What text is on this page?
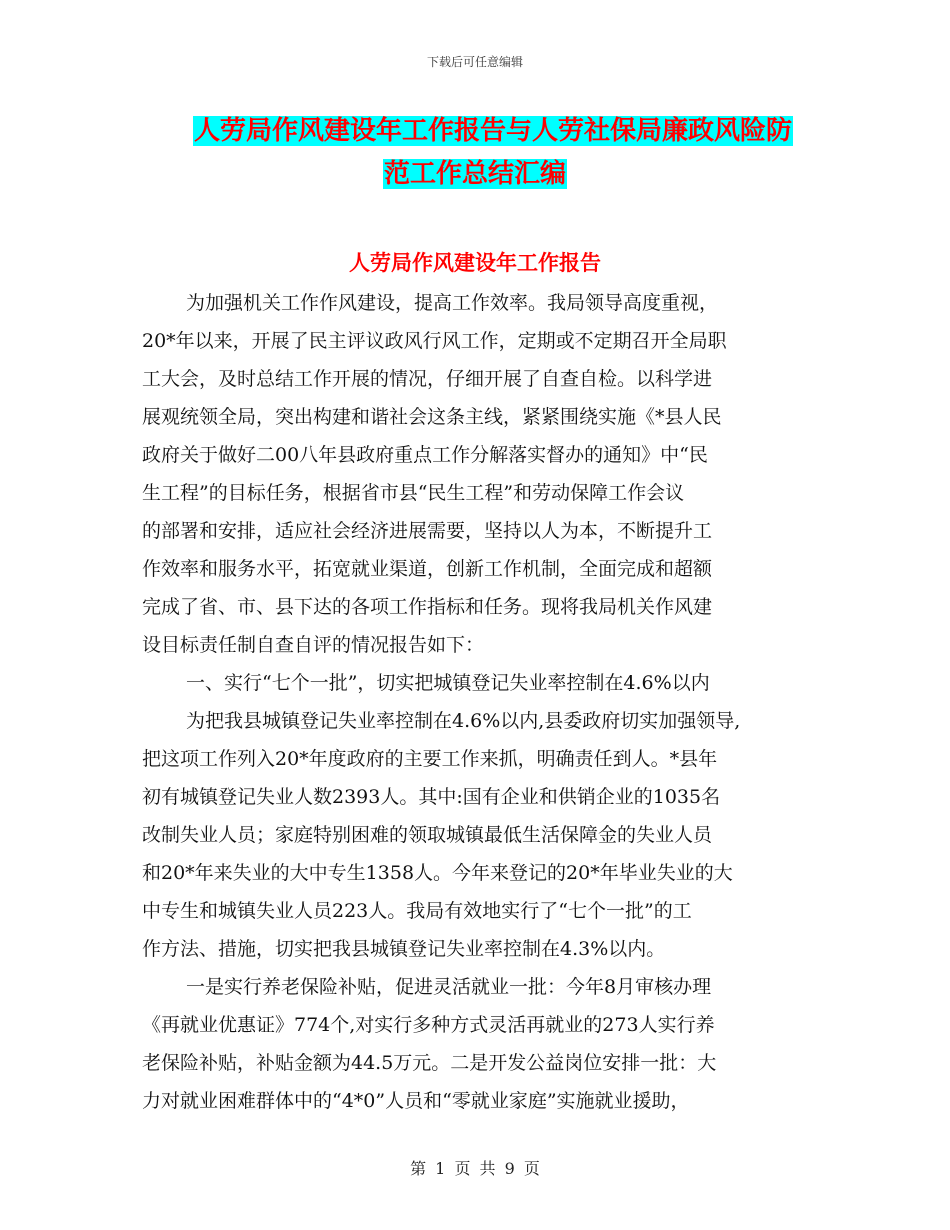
下载后可任意编辑
人劳局作风建设年工作报告与人劳社保局廉政风险防
范工作总结汇编
人劳局作风建设年工作报告
为加强机关工作作风建设，提高工作效率。我局领导高度重视，
20*年以来，开展了民主评议政风行风工作，定期或不定期召开全局职
工大会，及时总结工作开展的情况，仔细开展了自查自检。以科学进
展观统领全局，突出构建和谐社会这条主线，紧紧围绕实施《*县人民
政府关于做好二00八年县政府重点工作分解落实督办的通知》中“民
生工程”的目标任务，根据省市县“民生工程”和劳动保障工作会议
的部署和安排，适应社会经济进展需要，坚持以人为本，不断提升工
作效率和服务水平，拓宽就业渠道，创新工作机制，全面完成和超额
完成了省、市、县下达的各项工作指标和任务。现将我局机关作风建
设目标责任制自查自评的情况报告如下：
一、实行“七个一批”，切实把城镇登记失业率控制在4.6%以内
为把我县城镇登记失业率控制在4.6%以内,县委政府切实加强领导,
把这项工作列入20*年度政府的主要工作来抓，明确责任到人。*县年
初有城镇登记失业人数2393人。其中:国有企业和供销企业的1035名
改制失业人员；家庭特别困难的领取城镇最低生活保障金的失业人员
和20*年来失业的大中专生1358人。今年来登记的20*年毕业失业的大
中专生和城镇失业人员223人。我局有效地实行了“七个一批”的工
作方法、措施，切实把我县城镇登记失业率控制在4.3%以内。
一是实行养老保险补贴，促进灵活就业一批：今年8月审核办理
《再就业优惠证》774个,对实行多种方式灵活再就业的273人实行养
老保险补贴，补贴金额为44.5万元。二是开发公益岗位安排一批：大
力对就业困难群体中的“4*0”人员和“零就业家庭”实施就业援助，
第 1 页 共 9 页
